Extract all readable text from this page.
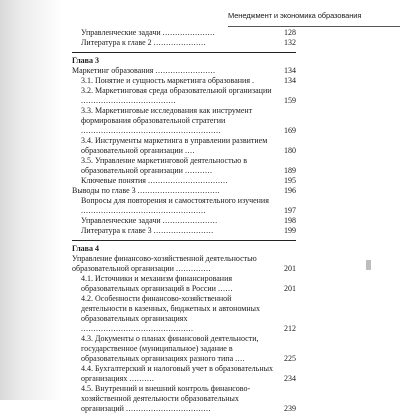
Менеджмент и экономика образования
Управленческие задачи .....................	128
Литература к главе 2 .....................	132
Глава 3
Маркетинг образования ........................	134
3.1. Понятие и сущность маркетинга образования .	134
3.2. Маркетинговая среда образовательной организации ......................................	159
3.3. Маркетинговые исследования как инструмент формирования образовательной стратегии ........................................................	169
3.4. Инструменты маркетинга в управлении развитием образовательной организации ....	180
3.5. Управление маркетинговой деятельностью в образовательной организации ...........	189
Ключевые понятия ................................	195
Выводы по главе 3 .................................	196
Вопросы для повторения и самостоятельного изучения ..................................................	197
Управленческие задачи ......................	198
Литература к главе 3 ........................	199
Глава 4
Управление финансово-хозяйственной деятельностью образовательной организации ..............	201
4.1. Источники и механизм финансирования образовательных организаций в России ......	201
4.2. Особенности финансово-хозяйственной деятельности в казенных, бюджетных и автономных образовательных организациях .............................................	212
4.3. Документы о планах финансовой деятельности, государственное (муниципальное) задание в образовательных организациях разного типа ....	225
4.4. Бухгалтерский и налоговый учет в образовательных организациях ..........	234
4.5. Внутренний и внешний контроль финансово-хозяйственной деятельности образовательных организаций ..................................	239
